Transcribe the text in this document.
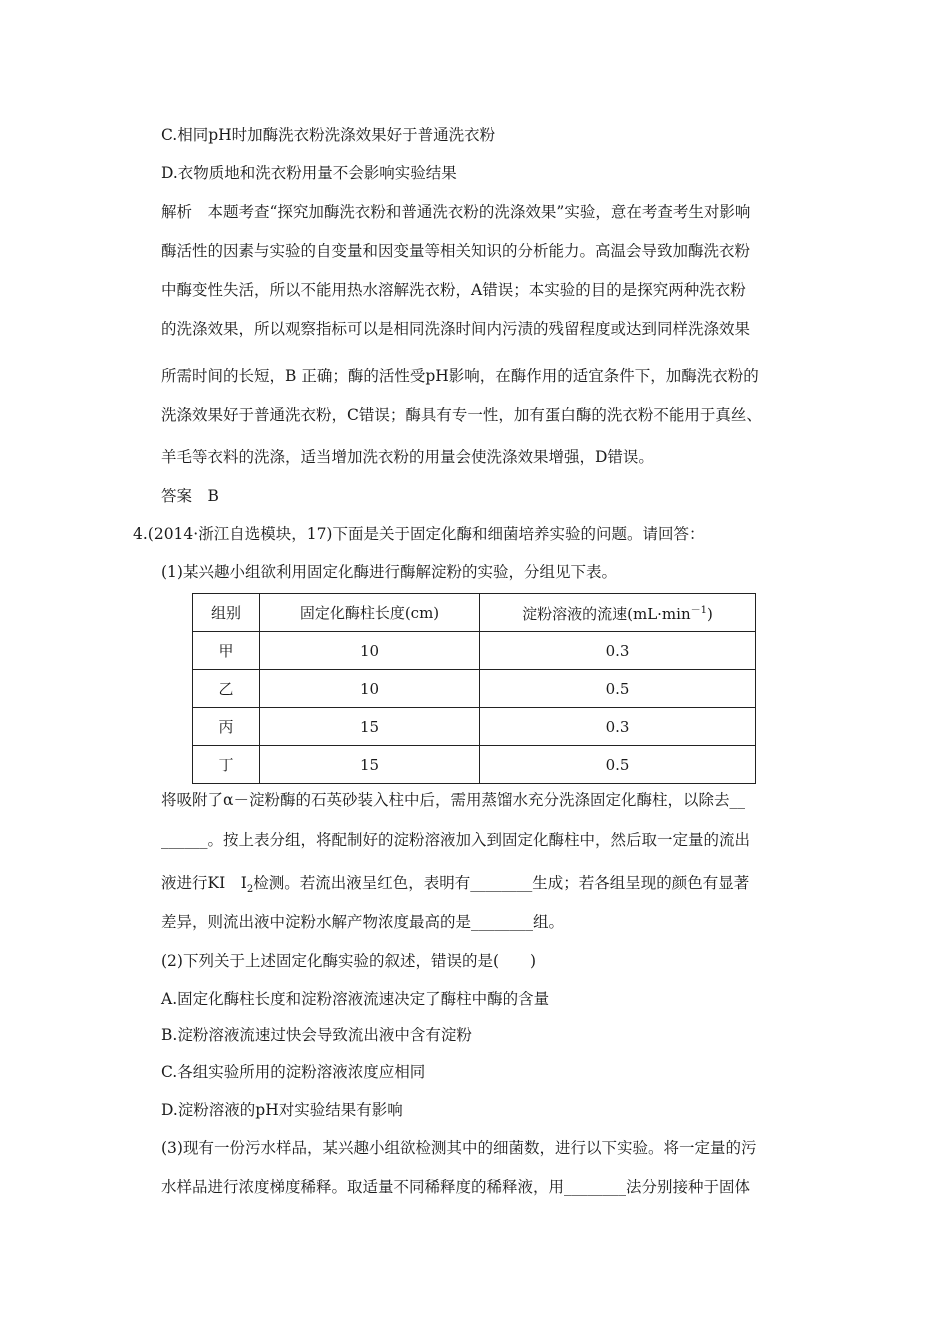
C.相同pH时加酶洗衣粉洗涤效果好于普通洗衣粉
D.衣物质地和洗衣粉用量不会影响实验结果
解析　本题考查“探究加酶洗衣粉和普通洗衣粉的洗涤效果”实验，意在考查考生对影响
酶活性的因素与实验的自变量和因变量等相关知识的分析能力。高温会导致加酶洗衣粉
中酶变性失活，所以不能用热水溶解洗衣粉，A错误；本实验的目的是探究两种洗衣粉
的洗涤效果，所以观察指标可以是相同洗涤时间内污渍的残留程度或达到同样洗涤效果
所需时间的长短，B 正确；酶的活性受pH影响，在酶作用的适宜条件下，加酶洗衣粉的
洗涤效果好于普通洗衣粉，C错误；酶具有专一性，加有蛋白酶的洗衣粉不能用于真丝、
羊毛等衣料的洗涤，适当增加洗衣粉的用量会使洗涤效果增强，D错误。
答案　B
4.(2014·浙江自选模块，17)下面是关于固定化酶和细菌培养实验的问题。请回答：
(1)某兴趣小组欲利用固定化酶进行酶解淀粉的实验，分组见下表。
组别	固定化酶柱长度(cm)	淀粉溶液的流速$(mL\cdot\min^{-1})$
甲	10	0.3
乙	10	0.5
丙	15	0.3
丁	15	0.5
将吸附了α－淀粉酶的石英砂装入柱中后，需用蒸馏水充分洗涤固定化酶柱，以除去__
______。按上表分组，将配制好的淀粉溶液加入到固定化酶柱中，然后取一定量的流出
液进行KI　$I_2$检测。若流出液呈红色，表明有________生成；若各组呈现的颜色有显著
差异，则流出液中淀粉水解产物浓度最高的是________组。
(2)下列关于上述固定化酶实验的叙述，错误的是(　　)
A.固定化酶柱长度和淀粉溶液流速决定了酶柱中酶的含量
B.淀粉溶液流速过快会导致流出液中含有淀粉
C.各组实验所用的淀粉溶液浓度应相同
D.淀粉溶液的pH对实验结果有影响
(3)现有一份污水样品，某兴趣小组欲检测其中的细菌数，进行以下实验。将一定量的污
水样品进行浓度梯度稀释。取适量不同稀释度的稀释液，用________法分别接种于固体
